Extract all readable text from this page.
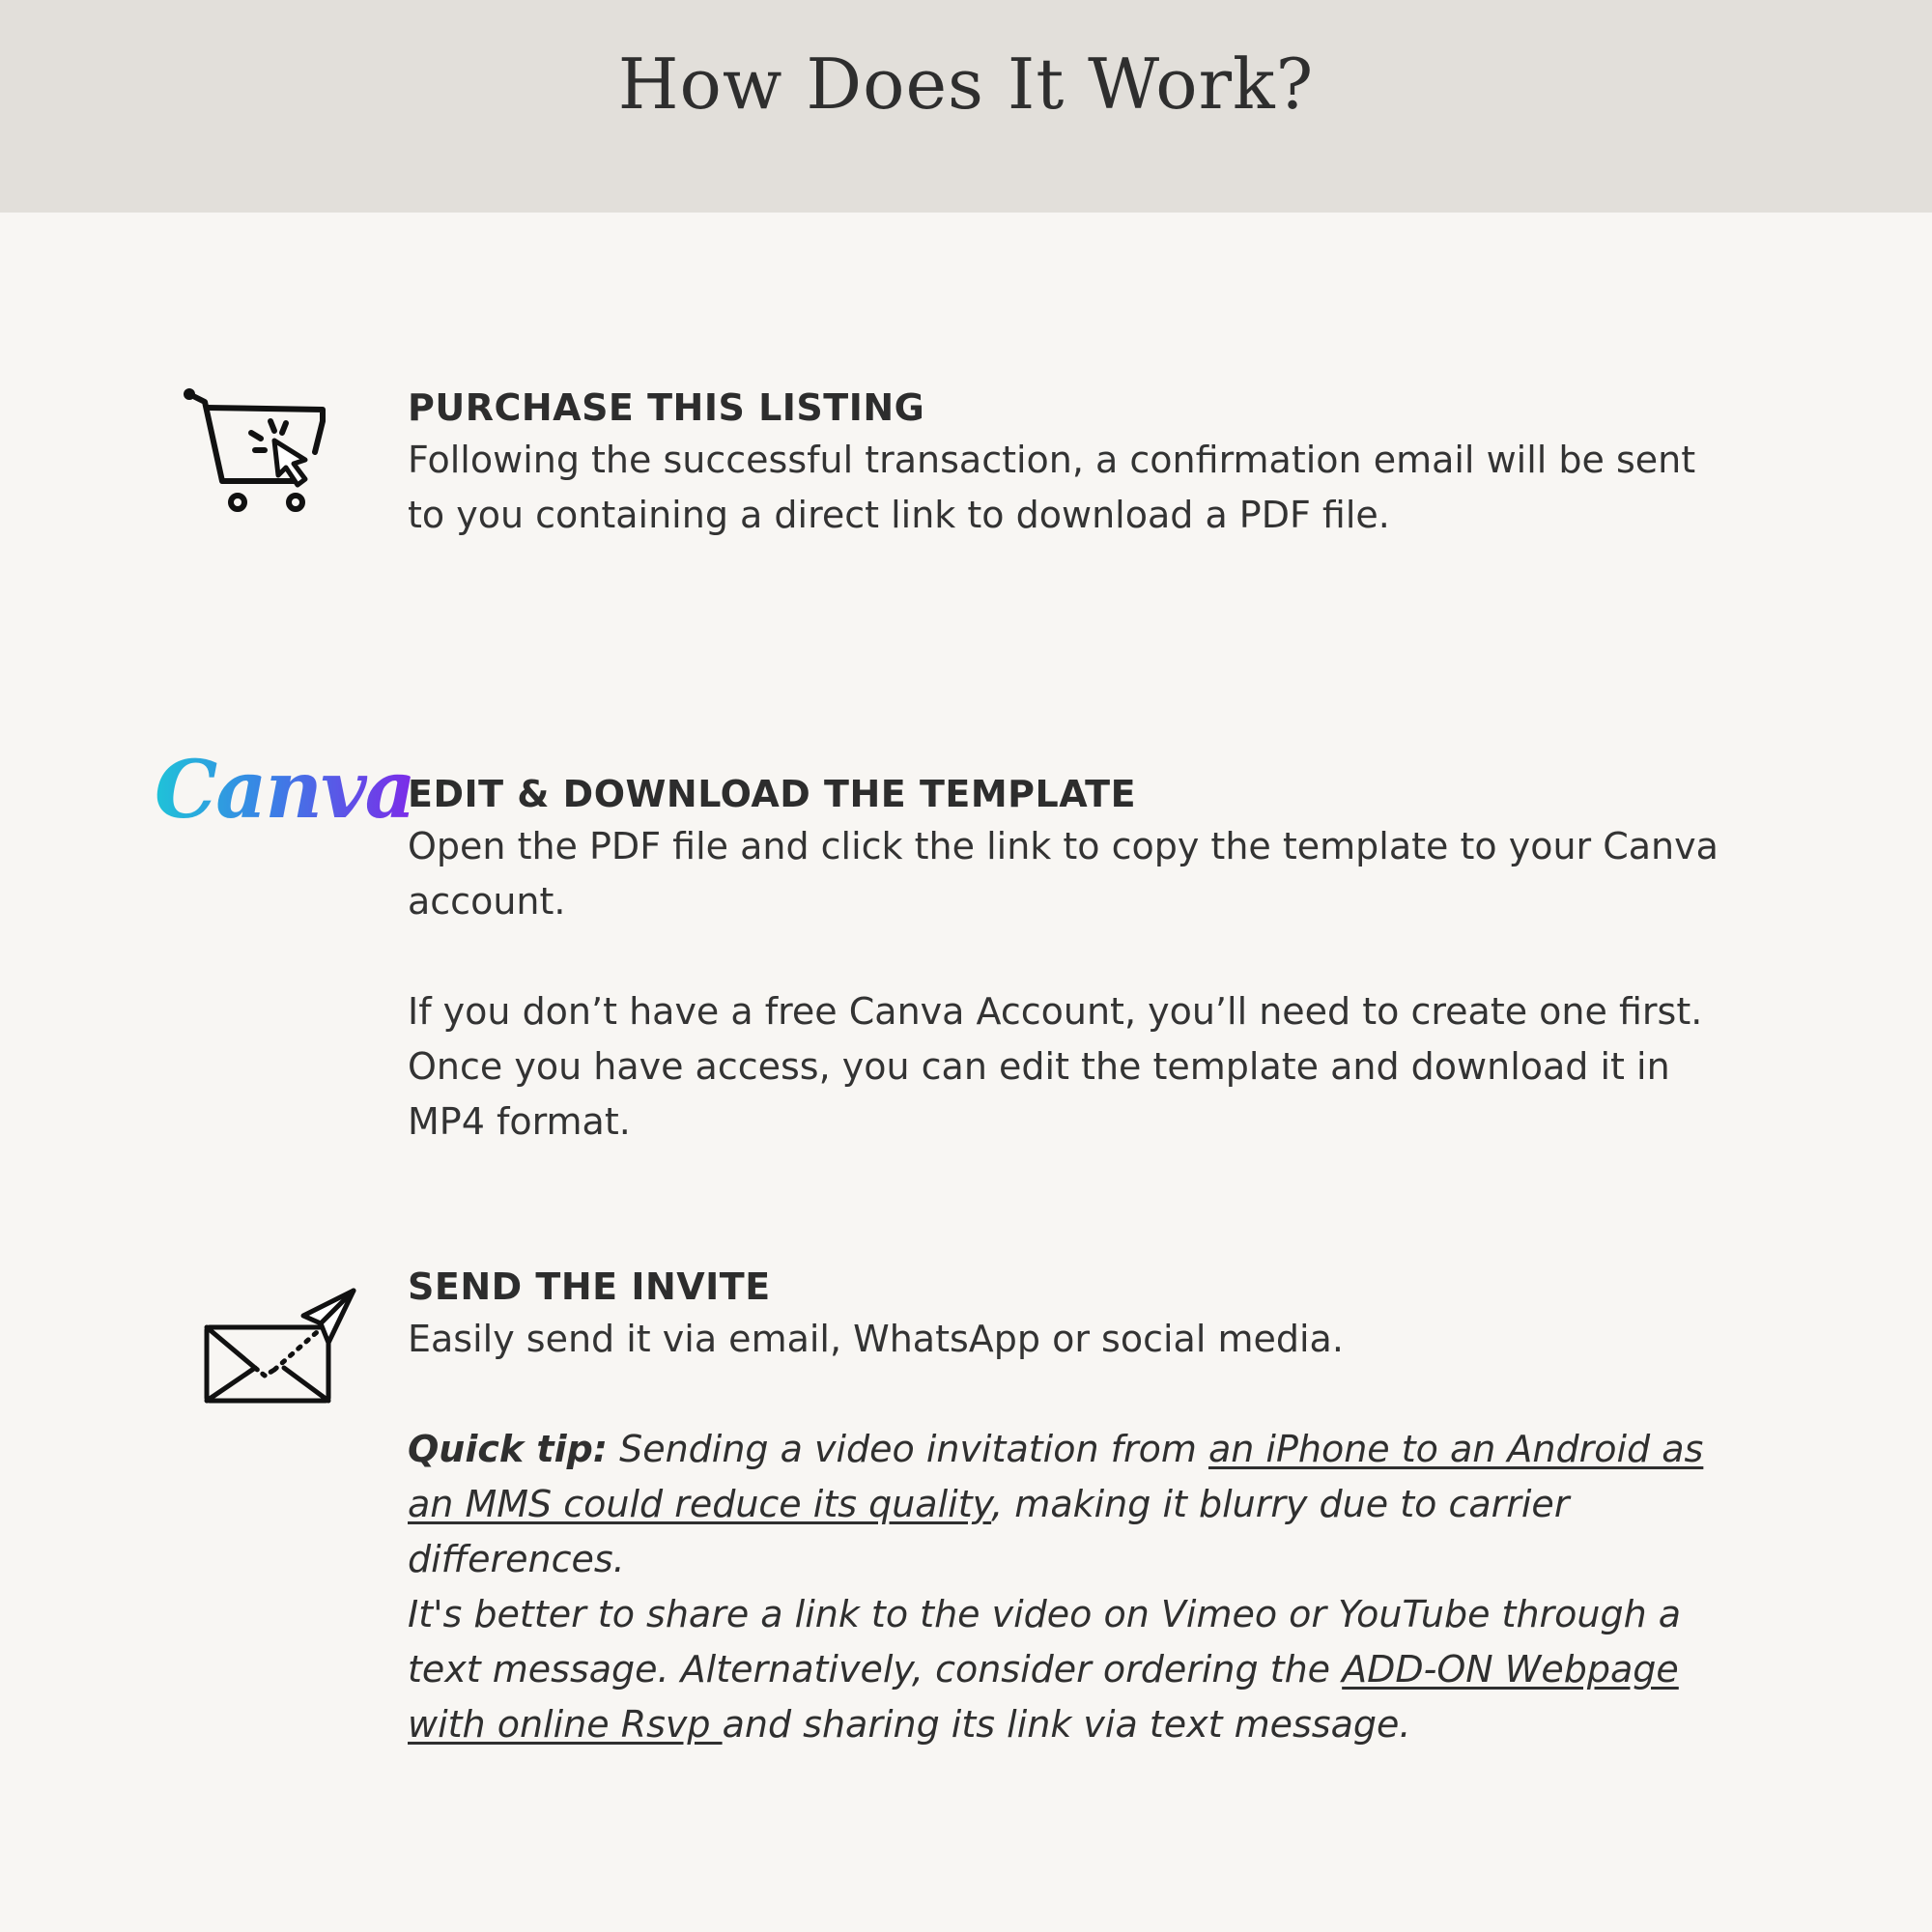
How Does It Work?
PURCHASE THIS LISTING

Following the successful transaction, a confirmation email will be sent to you containing a direct link to download a PDF file.

Canva
EDIT & DOWNLOAD THE TEMPLATE

Open the PDF file and click the link to copy the template to your Canva account.

If you don’t have a free Canva Account, you’ll need to create one first. Once you have access, you can edit the template and download it in MP4 format.

SEND THE INVITE

Easily send it via email, WhatsApp or social media.

Quick tip: Sending a video invitation from an iPhone to an Android as an MMS could reduce its quality, making it blurry due to carrier differences.
It's better to share a link to the video on Vimeo or YouTube through a text message. Alternatively, consider ordering the ADD-ON Webpage with online Rsvp and sharing its link via text message.
